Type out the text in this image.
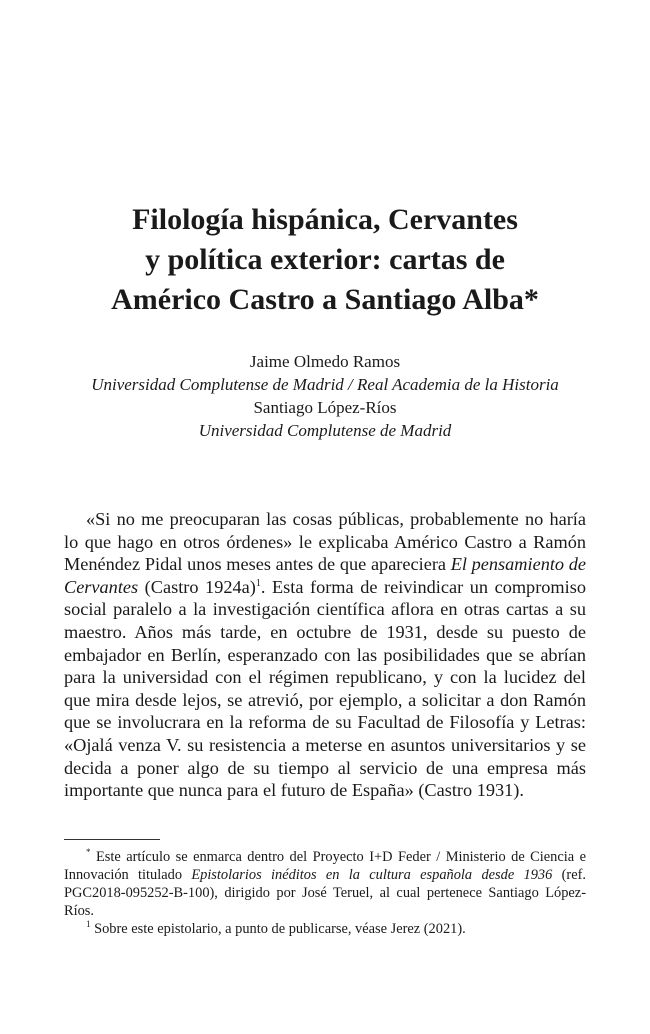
Filología hispánica, Cervantes
y política exterior: cartas de
Américo Castro a Santiago Alba*
Jaime Olmedo Ramos
Universidad Complutense de Madrid / Real Academia de la Historia
Santiago López-Ríos
Universidad Complutense de Madrid

«Si no me preocuparan las cosas públicas, probablemente no haría lo que hago en otros órdenes» le explicaba Américo Castro a Ramón Menéndez Pidal unos meses antes de que apareciera El pensamiento de Cervantes (Castro 1924a)$^1$. Esta forma de reivindicar un compromiso social paralelo a la investigación científica aflora en otras cartas a su maestro. Años más tarde, en octubre de 1931, desde su puesto de embajador en Berlín, esperanzado con las posibilidades que se abrían para la universidad con el régimen republicano, y con la lucidez del que mira desde lejos, se atrevió, por ejemplo, a solicitar a don Ramón que se involucrara en la reforma de su Facultad de Filosofía y Letras: «Ojalá venza V. su resistencia a meterse en asuntos universitarios y se decida a poner algo de su tiempo al servicio de una empresa más importante que nunca para el futuro de España» (Castro 1931).

* Este artículo se enmarca dentro del Proyecto I+D Feder / Ministerio de Ciencia e Innovación titulado Epistolarios inéditos en la cultura española desde 1936 (ref. PGC2018-095252-B-100), dirigido por José Teruel, al cual pertenece Santiago López-Ríos.

$^1$ Sobre este epistolario, a punto de publicarse, véase Jerez (2021).
